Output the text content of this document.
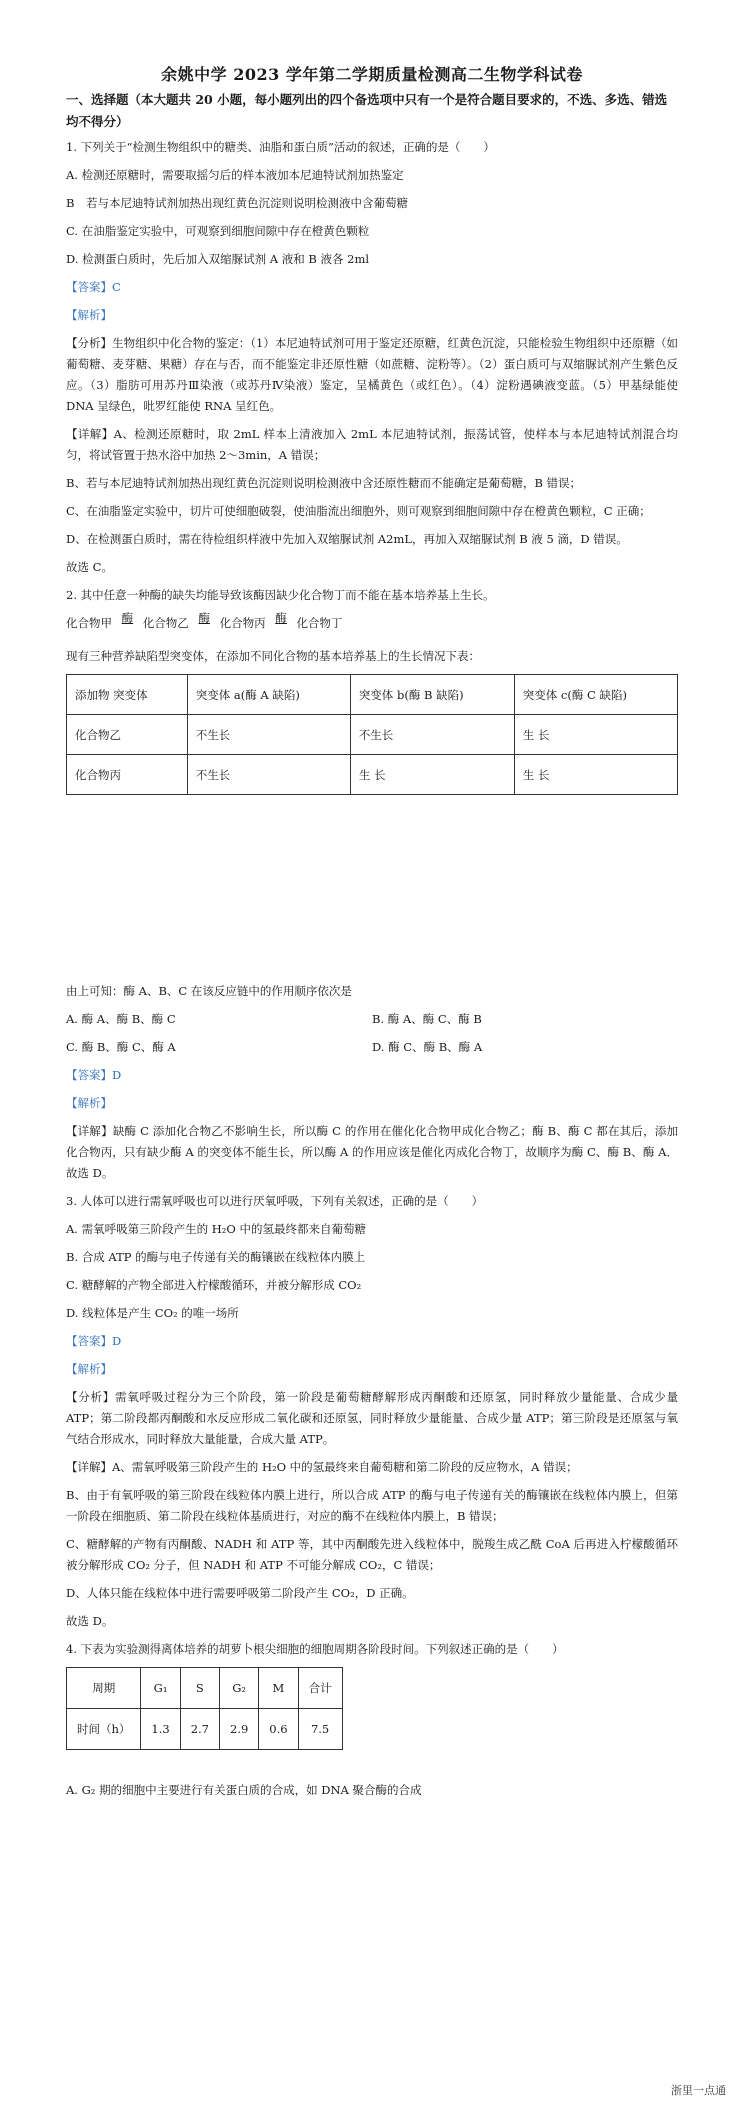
余姚中学 2023 学年第二学期质量检测高二生物学科试卷
一、选择题（本大题共 20 小题，每小题列出的四个备选项中只有一个是符合题目要求的，不选、多选、错选均不得分）
1. 下列关于“检测生物组织中的糖类、油脂和蛋白质”活动的叙述，正确的是（　　）
A. 检测还原糖时，需要取摇匀后的样本液加本尼迪特试剂加热鉴定
B　若与本尼迪特试剂加热出现红黄色沉淀则说明检测液中含葡萄糖
C. 在油脂鉴定实验中，可观察到细胞间隙中存在橙黄色颗粒
D. 检测蛋白质时，先后加入双缩脲试剂 A 液和 B 液各 2ml
【答案】C
【解析】
【分析】生物组织中化合物的鉴定：（1）本尼迪特试剂可用于鉴定还原糖，红黄色沉淀，只能检验生物组织中还原糖（如葡萄糖、麦芽糖、果糖）存在与否，而不能鉴定非还原性糖（如蔗糖、淀粉等）。（2）蛋白质可与双缩脲试剂产生紫色反应。（3）脂肪可用苏丹Ⅲ染液（或苏丹Ⅳ染液）鉴定，呈橘黄色（或红色）。（4）淀粉遇碘液变蓝。（5）甲基绿能使 DNA 呈绿色，吡罗红能使 RNA 呈红色。
【详解】A、检测还原糖时，取 2mL 样本上清液加入 2mL 本尼迪特试剂，振荡试管，使样本与本尼迪特试剂混合均匀，将试管置于热水浴中加热 2～3min，A 错误；
B、若与本尼迪特试剂加热出现红黄色沉淀则说明检测液中含还原性糖而不能确定是葡萄糖，B 错误；
C、在油脂鉴定实验中，切片可使细胞破裂，使油脂流出细胞外，则可观察到细胞间隙中存在橙黄色颗粒，C 正确；
D、在检测蛋白质时，需在待检组织样液中先加入双缩脲试剂 A2mL，再加入双缩脲试剂 B 液 5 滴，D 错误。
故选 C。
2. 其中任意一种酶的缺失均能导致该酶因缺少化合物丁而不能在基本培养基上生长。
化合物甲 酶 化合物乙 酶 化合物丙 酶 化合物丁
现有三种营养缺陷型突变体，在添加不同化合物的基本培养基上的生长情况下表：
添加物 突变体	突变体 a(酶 A 缺陷)	突变体 b(酶 B 缺陷)	突变体 c(酶 C 缺陷)
化合物乙	不生长	不生长	生 长
化合物丙	不生长	生 长	生 长
由上可知：酶 A、B、C 在该反应链中的作用顺序依次是
A. 酶 A、酶 B、酶 C	B. 酶 A、酶 C、酶 B
C. 酶 B、酶 C、酶 A	D. 酶 C、酶 B、酶 A
【答案】D
【解析】
【详解】缺酶 C 添加化合物乙不影响生长，所以酶 C 的作用在催化化合物甲成化合物乙；酶 B、酶 C 都在其后，添加化合物丙，只有缺少酶 A 的突变体不能生长，所以酶 A 的作用应该是催化丙成化合物丁，故顺序为酶 C、酶 B、酶 A．故选 D。
3. 人体可以进行需氧呼吸也可以进行厌氧呼吸，下列有关叙述，正确的是（　　）
A. 需氧呼吸第三阶段产生的 H₂O 中的氢最终都来自葡萄糖
B. 合成 ATP 的酶与电子传递有关的酶镶嵌在线粒体内膜上
C. 糖酵解的产物全部进入柠檬酸循环，并被分解形成 CO₂
D. 线粒体是产生 CO₂ 的唯一场所
【答案】D
【解析】
【分析】需氧呼吸过程分为三个阶段，第一阶段是葡萄糖酵解形成丙酮酸和还原氢，同时释放少量能量、合成少量 ATP；第二阶段都丙酮酸和水反应形成二氧化碳和还原氢，同时释放少量能量、合成少量 ATP；第三阶段是还原氢与氧气结合形成水，同时释放大量能量，合成大量 ATP。
【详解】A、需氧呼吸第三阶段产生的 H₂O 中的氢最终来自葡萄糖和第二阶段的反应物水，A 错误；
B、由于有氧呼吸的第三阶段在线粒体内膜上进行，所以合成 ATP 的酶与电子传递有关的酶镶嵌在线粒体内膜上，但第一阶段在细胞质、第二阶段在线粒体基质进行，对应的酶不在线粒体内膜上，B 错误；
C、糖酵解的产物有丙酮酸、NADH 和 ATP 等，其中丙酮酸先进入线粒体中，脱羧生成乙酰 CoA 后再进入柠檬酸循环被分解形成 CO₂ 分子，但 NADH 和 ATP 不可能分解成 CO₂，C 错误；
D、人体只能在线粒体中进行需要呼吸第二阶段产生 CO₂，D 正确。
故选 D。
4. 下表为实验测得离体培养的胡萝卜根尖细胞的细胞周期各阶段时间。下列叙述正确的是（　　）
周期	G₁	S	G₂	M	合计
时间（h）	1.3	2.7	2.9	0.6	7.5
A. G₂ 期的细胞中主要进行有关蛋白质的合成，如 DNA 聚合酶的合成
浙里一点通
